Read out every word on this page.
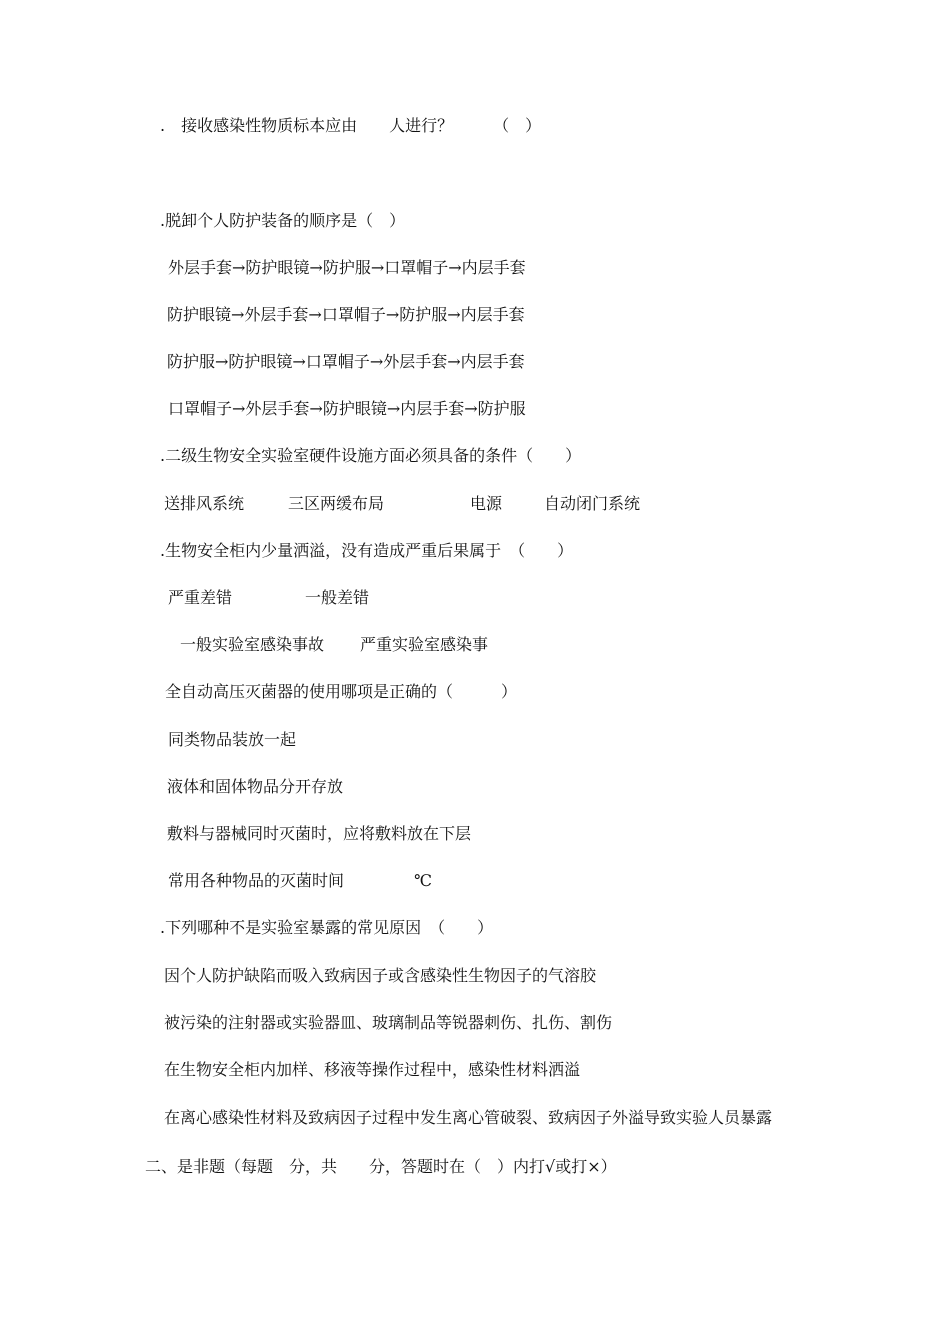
.　接收感染性物质标本应由　　人进行？　　　（　）
.脱卸个人防护装备的顺序是（　）
外层手套→防护眼镜→防护服→口罩帽子→内层手套
防护眼镜→外层手套→口罩帽子→防护服→内层手套
防护服→防护眼镜→口罩帽子→外层手套→内层手套
口罩帽子→外层手套→防护眼镜→内层手套→防护服
.二级生物安全实验室硬件设施方面必须具备的条件（　　）
送排风系统	三区两缓布局	电源	自动闭门系统
.生物安全柜内少量洒溢，没有造成严重后果属于　（　　）
严重差错	一般差错
一般实验室感染事故 严重实验室感染事
全自动高压灭菌器的使用哪项是正确的（　　　）
同类物品装放一起
液体和固体物品分开存放
敷料与器械同时灭菌时，应将敷料放在下层
常用各种物品的灭菌时间	℃
.下列哪种不是实验室暴露的常见原因　（　　）
因个人防护缺陷而吸入致病因子或含感染性生物因子的气溶胶
被污染的注射器或实验器皿、玻璃制品等锐器刺伤、扎伤、割伤
在生物安全柜内加样、移液等操作过程中，感染性材料洒溢
在离心感染性材料及致病因子过程中发生离心管破裂、致病因子外溢导致实验人员暴露
二、是非题（每题　分，共　　分，答题时在（　）内打√或打×）
